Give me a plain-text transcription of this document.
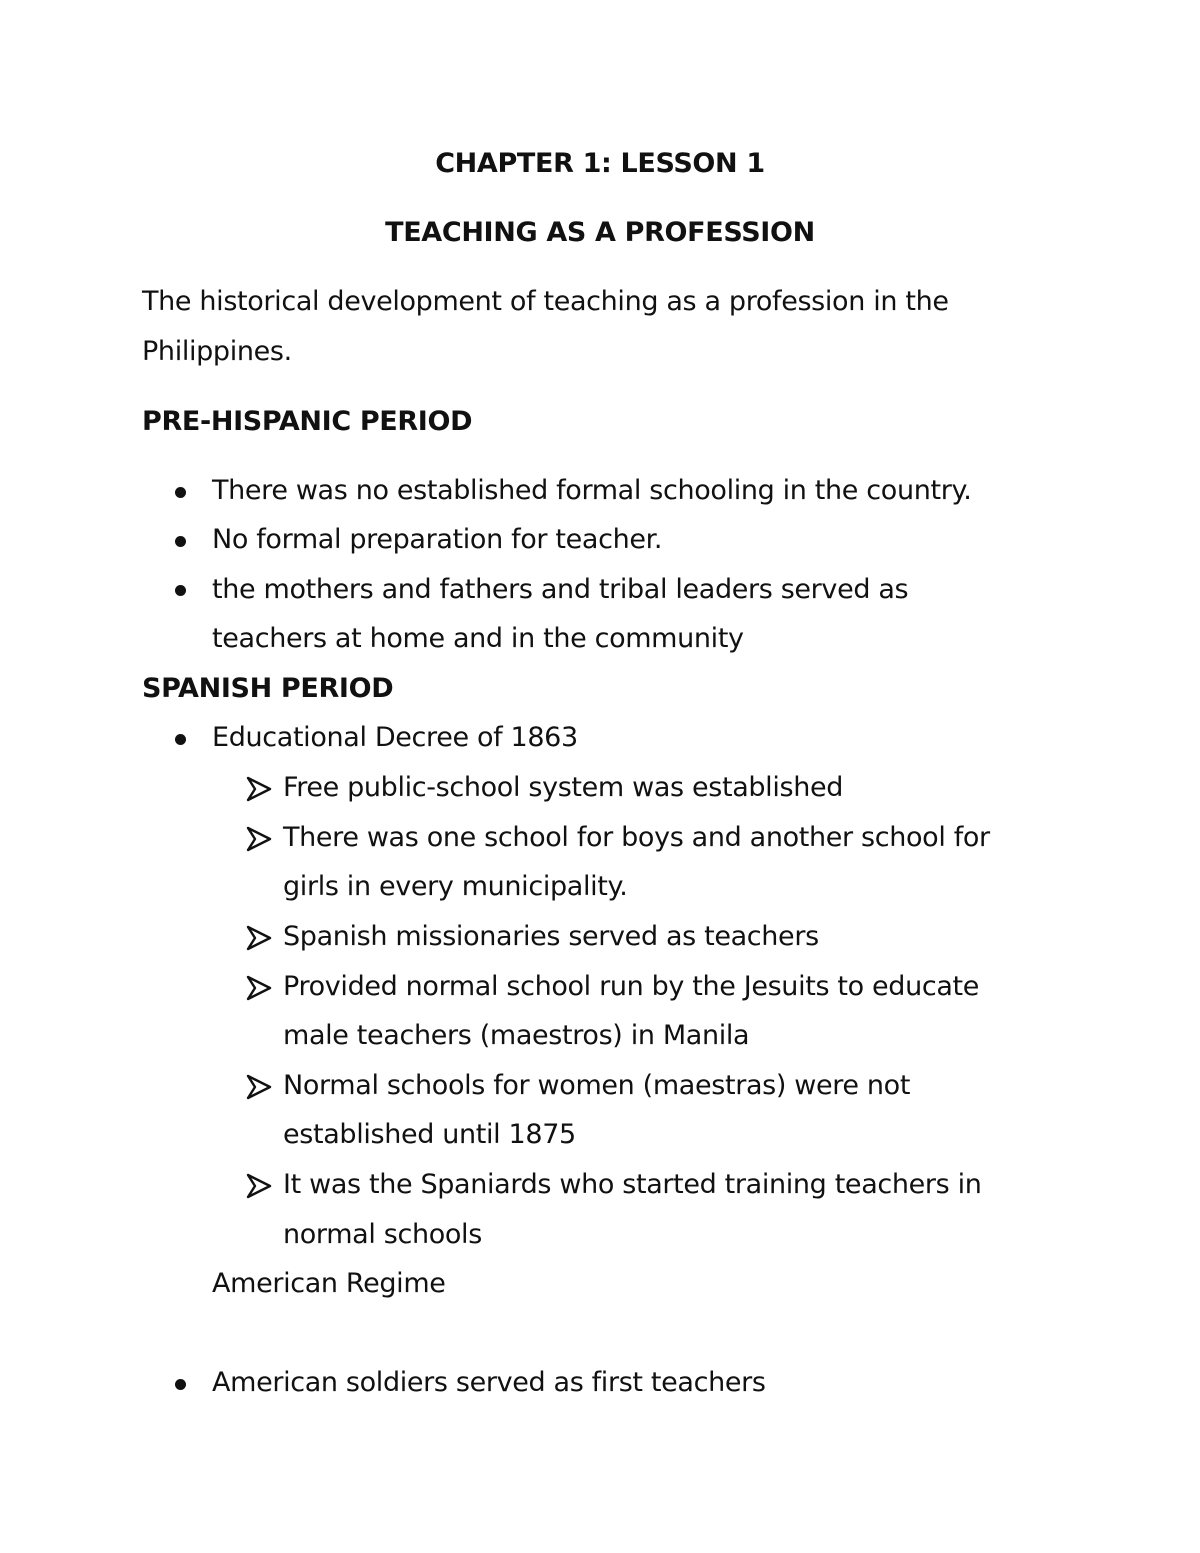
CHAPTER 1: LESSON 1

TEACHING AS A PROFESSION

The historical development of teaching as a profession in the

Philippines.

PRE-HISPANIC PERIOD

There was no established formal schooling in the country.

No formal preparation for teacher.

the mothers and fathers and tribal leaders served as

teachers at home and in the community

SPANISH PERIOD

Educational Decree of 1863

Free public-school system was established

There was one school for boys and another school for

girls in every municipality.

Spanish missionaries served as teachers

Provided normal school run by the Jesuits to educate

male teachers (maestros) in Manila

Normal schools for women (maestras) were not

established until 1875

It was the Spaniards who started training teachers in

normal schools

American Regime

American soldiers served as first teachers
